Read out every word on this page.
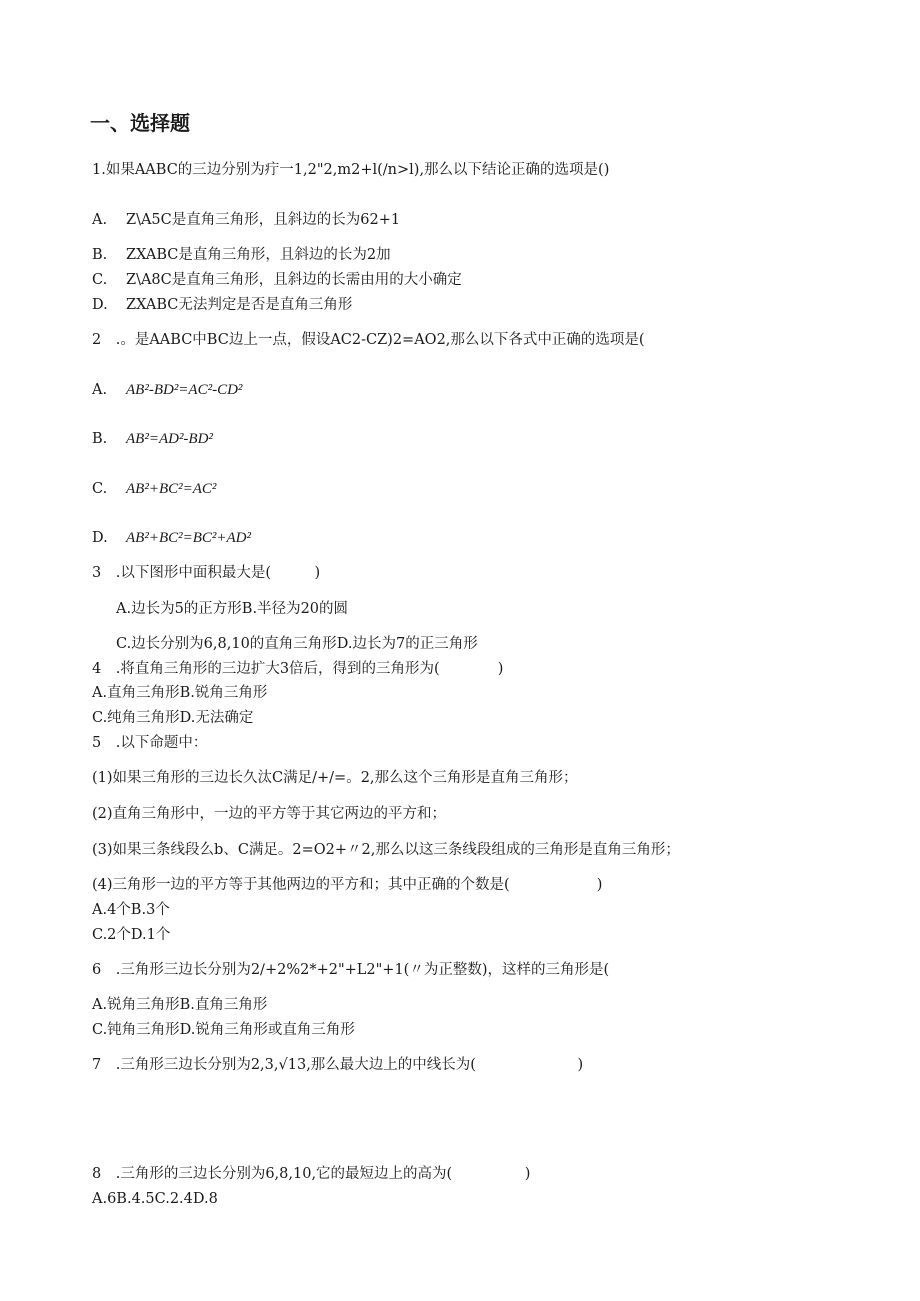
一、选择题

1.如果AABC的三边分别为疔一1,2"2,m2+l(∕n>l),那么以下结论正确的选项是()

A. Z\A5C是直角三角形，且斜边的长为62+1

B. ZXABC是直角三角形，且斜边的长为2加

C. Z\A8C是直角三角形，且斜边的长需由用的大小确定

D. ZXABC无法判定是否是直角三角形

2　.。是AABC中BC边上一点，假设AC2-CZ)2=AO2,那么以下各式中正确的选项是(

A. AB²-BD²=AC²-CD²

B. AB²=AD²-BD²

C. AB²+BC²=AC²

D. AB²+BC²=BC²+AD²

3　.以下图形中面积最大是(　　　)

A.边长为5的正方形B.半径为20的圆

C.边长分别为6,8,10的直角三角形D.边长为7的正三角形

4　.将直角三角形的三边扩大3倍后，得到的三角形为(　　　　)

A.直角三角形B.锐角三角形

C.纯角三角形D.无法确定

5　.以下命题中：

(1)如果三角形的三边长久汰C满足/+/=。2,那么这个三角形是直角三角形；

(2)直角三角形中，一边的平方等于其它两边的平方和；

(3)如果三条线段么b、C满足。2=O2+〃2,那么以这三条线段组成的三角形是直角三角形；

(4)三角形一边的平方等于其他两边的平方和；其中正确的个数是(　　　　　　)

A.4个B.3个

C.2个D.1个

6　.三角形三边长分别为2∕+2%2*+2"+L2"+1(〃为正整数)，这样的三角形是(

A.锐角三角形B.直角三角形

C.钝角三角形D.锐角三角形或直角三角形

7　.三角形三边长分别为2,3,√13,那么最大边上的中线长为(　　　　　　　)

8　.三角形的三边长分别为6,8,10,它的最短边上的高为(　　　　　)

A.6B.4.5C.2.4D.8
